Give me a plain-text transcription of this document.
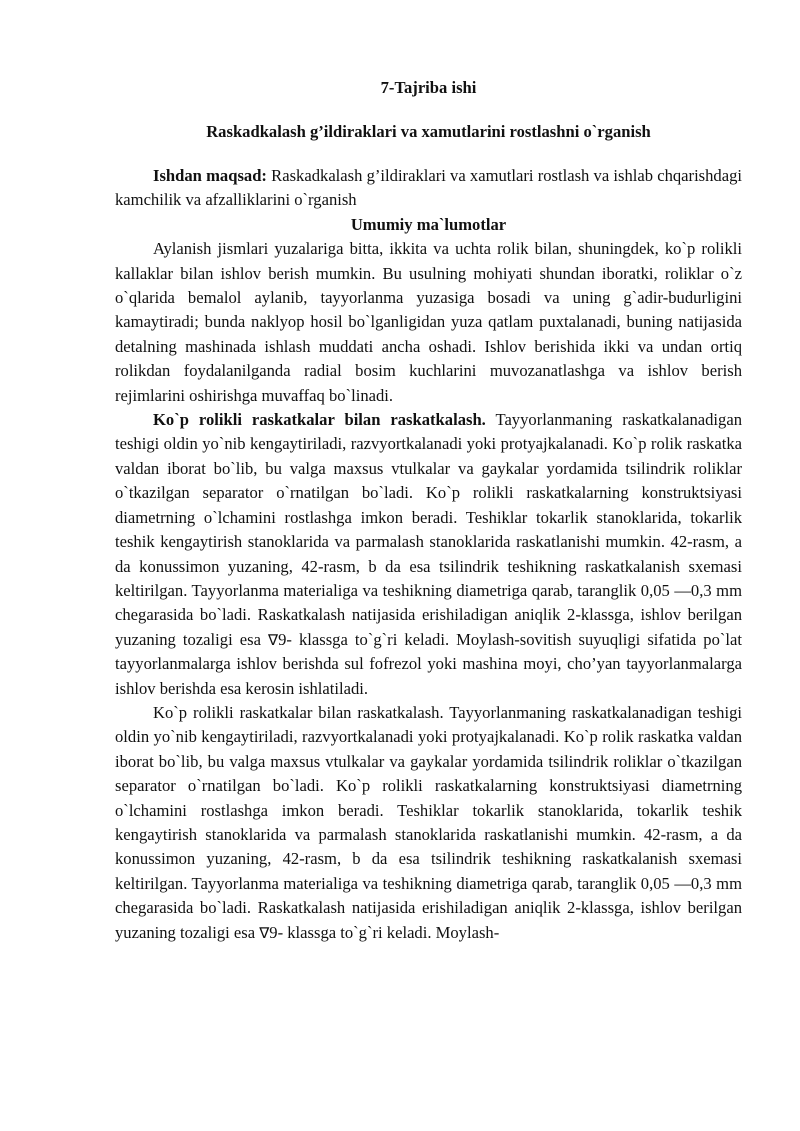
7-Tajriba ishi
Raskadkalash g’ildiraklari va xamutlarini rostlashni o`rganish

Ishdan maqsad: Raskadkalash g’ildiraklari va xamutlari rostlash va ishlab chqarishdagi kamchilik va afzalliklarini o`rganish

Umumiy ma`lumotlar

Aylanish jismlari yuzalariga bitta, ikkita va uchta rolik bilan, shuningdek, ko`p rolikli kallaklar bilan ishlov berish mumkin. Bu usulning mohiyati shundan iboratki, roliklar o`z o`qlarida bemalol aylanib, tayyorlanma yuzasiga bosadi va uning g`adir-budurligini kamaytiradi; bunda naklyop hosil bo`lganligidan yuza qatlam puxtalanadi, buning natijasida detalning mashinada ishlash muddati ancha oshadi. Ishlov berishida ikki va undan ortiq rolikdan foydalanilganda radial bosim kuchlarini muvozanatlashga va ishlov berish rejimlarini oshirishga muvaffaq bo`linadi.

Ko`p rolikli raskatkalar bilan raskatkalash. Tayyorlanmaning raskatkalanadigan teshigi oldin yo`nib kengaytiriladi, razvyortkalanadi yoki protyajkalanadi. Ko`p rolik raskatka valdan iborat bo`lib, bu valga maxsus vtulkalar va gaykalar yordamida tsilindrik roliklar o`tkazilgan separator o`rnatilgan bo`ladi. Ko`p rolikli raskatkalarning konstruktsiyasi diametrning o`lchamini rostlashga imkon beradi. Teshiklar tokarlik stanoklarida, tokarlik teshik kengaytirish stanoklarida va parmalash stanoklarida raskatlanishi mumkin. 42-rasm, a da konussimon yuzaning, 42-rasm, b da esa tsilindrik teshikning raskatkalanish sxemasi keltirilgan. Tayyorlanma materialiga va teshikning diametriga qarab, taranglik 0,05 —0,3 mm chegarasida bo`ladi. Raskatkalash natijasida erishiladigan aniqlik 2-klassga, ishlov berilgan yuzaning tozaligi esa ∇9- klassga to`g`ri keladi. Moylash-sovitish suyuqligi sifatida po`lat tayyorlanmalarga ishlov berishda sul fofrezol yoki mashina moyi, cho’yan tayyorlanmalarga ishlov berishda esa kerosin ishlatiladi.

Ko`p rolikli raskatkalar bilan raskatkalash. Tayyorlanmaning raskatkalanadigan teshigi oldin yo`nib kengaytiriladi, razvyortkalanadi yoki protyajkalanadi. Ko`p rolik raskatka valdan iborat bo`lib, bu valga maxsus vtulkalar va gaykalar yordamida tsilindrik roliklar o`tkazilgan separator o`rnatilgan bo`ladi. Ko`p rolikli raskatkalarning konstruktsiyasi diametrning o`lchamini rostlashga imkon beradi. Teshiklar tokarlik stanoklarida, tokarlik teshik kengaytirish stanoklarida va parmalash stanoklarida raskatlanishi mumkin. 42-rasm, a da konussimon yuzaning, 42-rasm, b da esa tsilindrik teshikning raskatkalanish sxemasi keltirilgan. Tayyorlanma materialiga va teshikning diametriga qarab, taranglik 0,05 —0,3 mm chegarasida bo`ladi. Raskatkalash natijasida erishiladigan aniqlik 2-klassga, ishlov berilgan yuzaning tozaligi esa ∇9- klassga to`g`ri keladi. Moylash-
